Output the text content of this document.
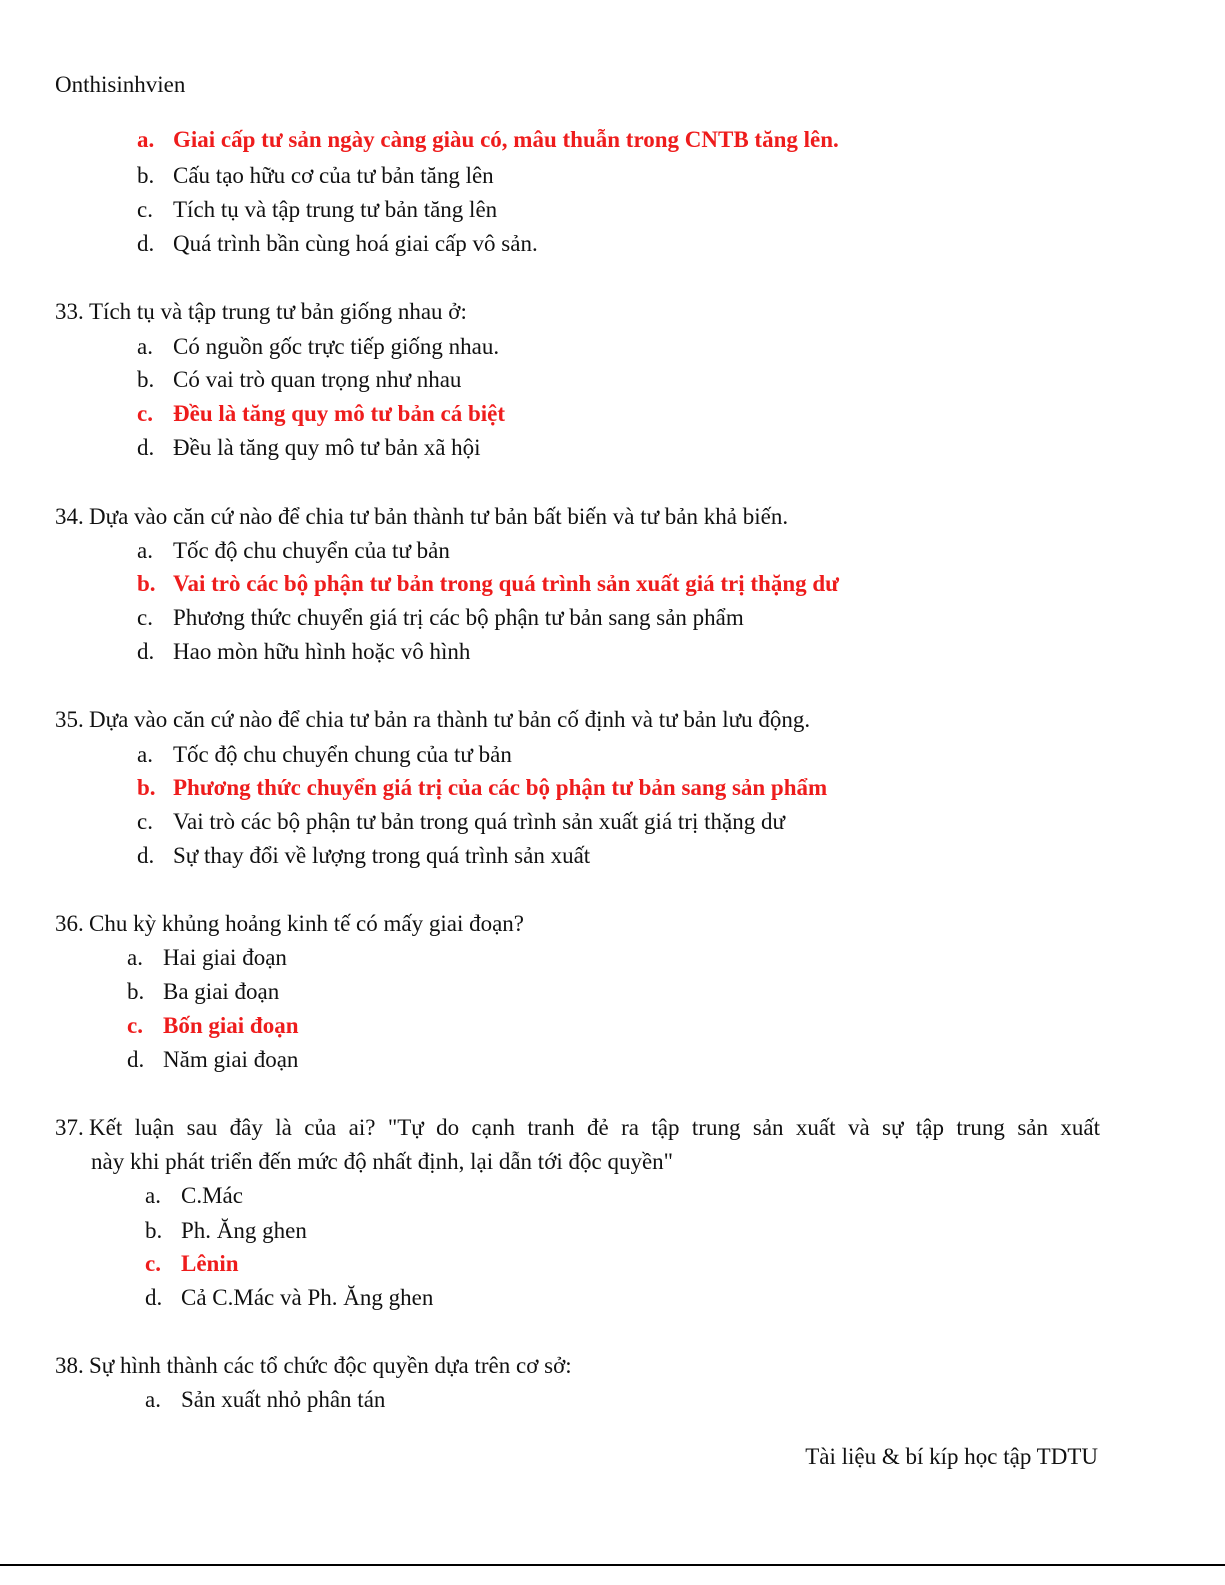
Onthisinhvien
a. Giai cấp tư sản ngày càng giàu có, mâu thuẫn trong CNTB tăng lên.
b. Cấu tạo hữu cơ của tư bản tăng lên
c. Tích tụ và tập trung tư bản tăng lên
d. Quá trình bần cùng hoá giai cấp vô sản.
33. Tích tụ và tập trung tư bản giống nhau ở:
a. Có nguồn gốc trực tiếp giống nhau.
b. Có vai trò quan trọng như nhau
c. Đều là tăng quy mô tư bản cá biệt
d. Đều là tăng quy mô tư bản xã hội
34. Dựa vào căn cứ nào để chia tư bản thành tư bản bất biến và tư bản khả biến.
a. Tốc độ chu chuyển của tư bản
b. Vai trò các bộ phận tư bản trong quá trình sản xuất giá trị thặng dư
c. Phương thức chuyển giá trị các bộ phận tư bản sang sản phẩm
d. Hao mòn hữu hình hoặc vô hình
35. Dựa vào căn cứ nào để chia tư bản ra thành tư bản cố định và tư bản lưu động.
a. Tốc độ chu chuyển chung của tư bản
b. Phương thức chuyển giá trị của các bộ phận tư bản sang sản phẩm
c. Vai trò các bộ phận tư bản trong quá trình sản xuất giá trị thặng dư
d. Sự thay đổi về lượng trong quá trình sản xuất
36. Chu kỳ khủng hoảng kinh tế có mấy giai đoạn?
a. Hai giai đoạn
b. Ba giai đoạn
c. Bốn giai đoạn
d. Năm giai đoạn
37. Kết luận sau đây là của ai? "Tự do cạnh tranh đẻ ra tập trung sản xuất và sự tập trung sản xuất
này khi phát triển đến mức độ nhất định, lại dẫn tới độc quyền"
a. C.Mác
b. Ph. Ăng ghen
c. Lênin
d. Cả C.Mác và Ph. Ăng ghen
38. Sự hình thành các tổ chức độc quyền dựa trên cơ sở:
a. Sản xuất nhỏ phân tán
Tài liệu & bí kíp học tập TDTU
